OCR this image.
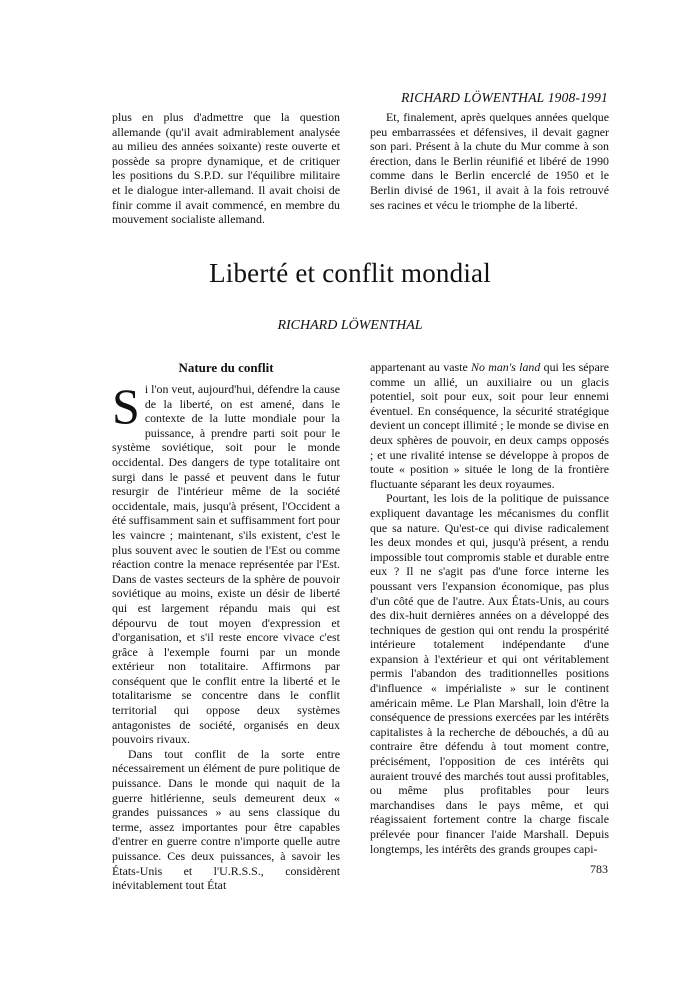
RICHARD LÖWENTHAL 1908-1991

plus en plus d'admettre que la question allemande (qu'il avait admirablement analysée au milieu des années soixante) reste ouverte et possède sa propre dynamique, et de critiquer les positions du S.P.D. sur l'équilibre militaire et le dialogue inter-allemand. Il avait choisi de finir comme il avait commencé, en membre du mouvement socialiste allemand.

Et, finalement, après quelques années quelque peu embarrassées et défensives, il devait gagner son pari. Présent à la chute du Mur comme à son érection, dans le Berlin réunifié et libéré de 1990 comme dans le Berlin encerclé de 1950 et le Berlin divisé de 1961, il avait à la fois retrouvé ses racines et vécu le triomphe de la liberté.

Liberté et conflit mondial
RICHARD LÖWENTHAL
Nature du conflit

Si l'on veut, aujourd'hui, défendre la cause de la liberté, on est amené, dans le contexte de la lutte mondiale pour la puissance, à prendre parti soit pour le système soviétique, soit pour le monde occidental. Des dangers de type totalitaire ont surgi dans le passé et peuvent dans le futur resurgir de l'intérieur même de la société occidentale, mais, jusqu'à présent, l'Occident a été suffisamment sain et suffisamment fort pour les vaincre ; maintenant, s'ils existent, c'est le plus souvent avec le soutien de l'Est ou comme réaction contre la menace représentée par l'Est. Dans de vastes secteurs de la sphère de pouvoir soviétique au moins, existe un désir de liberté qui est largement répandu mais qui est dépourvu de tout moyen d'expression et d'organisation, et s'il reste encore vivace c'est grâce à l'exemple fourni par un monde extérieur non totalitaire. Affirmons par conséquent que le conflit entre la liberté et le totalitarisme se concentre dans le conflit territorial qui oppose deux systèmes antagonistes de société, organisés en deux pouvoirs rivaux.

Dans tout conflit de la sorte entre nécessairement un élément de pure politique de puissance. Dans le monde qui naquit de la guerre hitlérienne, seuls demeurent deux « grandes puissances » au sens classique du terme, assez importantes pour être capables d'entrer en guerre contre n'importe quelle autre puissance. Ces deux puissances, à savoir les États-Unis et l'U.R.S.S., considèrent inévitablement tout État

appartenant au vaste No man's land qui les sépare comme un allié, un auxiliaire ou un glacis potentiel, soit pour eux, soit pour leur ennemi éventuel. En conséquence, la sécurité stratégique devient un concept illimité ; le monde se divise en deux sphères de pouvoir, en deux camps opposés ; et une rivalité intense se développe à propos de toute « position » située le long de la frontière fluctuante séparant les deux royaumes.

Pourtant, les lois de la politique de puissance expliquent davantage les mécanismes du conflit que sa nature. Qu'est-ce qui divise radicalement les deux mondes et qui, jusqu'à présent, a rendu impossible tout compromis stable et durable entre eux ? Il ne s'agit pas d'une force interne les poussant vers l'expansion économique, pas plus d'un côté que de l'autre. Aux États-Unis, au cours des dix-huit dernières années on a développé des techniques de gestion qui ont rendu la prospérité intérieure totalement indépendante d'une expansion à l'extérieur et qui ont véritablement permis l'abandon des traditionnelles positions d'influence « impérialiste » sur le continent américain même. Le Plan Marshall, loin d'être la conséquence de pressions exercées par les intérêts capitalistes à la recherche de débouchés, a dû au contraire être défendu à tout moment contre, précisément, l'opposition de ces intérêts qui auraient trouvé des marchés tout aussi profitables, ou même plus profitables pour leurs marchandises dans le pays même, et qui réagissaient fortement contre la charge fiscale prélevée pour financer l'aide Marshall. Depuis longtemps, les intérêts des grands groupes capi-

783
